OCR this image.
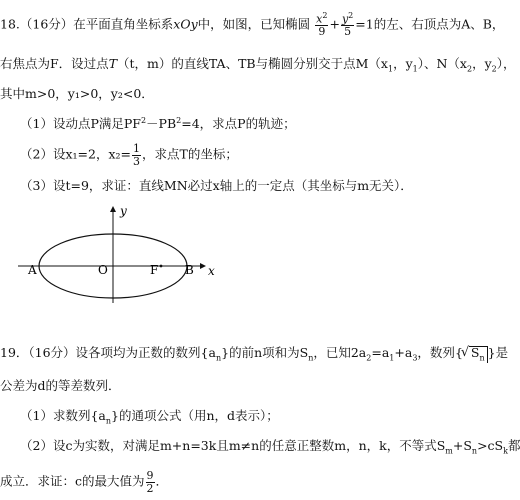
18.（16分）在平面直角坐标系xOy中，如图，已知椭圆 $\frac{x^2}{9} + \frac{y^2}{5} =1$的左、右顶点为A、B，
右焦点为F．设过点T（t，m）的直线TA、TB与椭圆分别交于点$M(x_1$，$y_1$）、$N(x_2$，$y_2$），
其中m>0，y₁>0，y₂<0．
（1）设动点P满足$PF^2-PB^2=4$，求点P的轨迹；
（2）设x₁=2，$x_2= \frac{1}{3}$ ，求点T的坐标；
（3）设t=9，求证：直线MN必过x轴上的一定点（其坐标与m无关）．
A	O	F B x
y
19．（16分）设各项均为正数的数列$\{a_n\}$的前n项和为$S_n$，已知$2a_2=a_1+a_3$，数列{√ $S_n$ }是
公差为d的等差数列．
（1）求数列$\{a_n\}$的通项公式（用n，d表示）；
（2）设c为实数，对满足m+n=3k且m≠n的任意正整数m，n，k，不等式$S_m+S_n>cS_k$都
成立．求证：c的最大值为 $\frac{9}{2}$ ．
